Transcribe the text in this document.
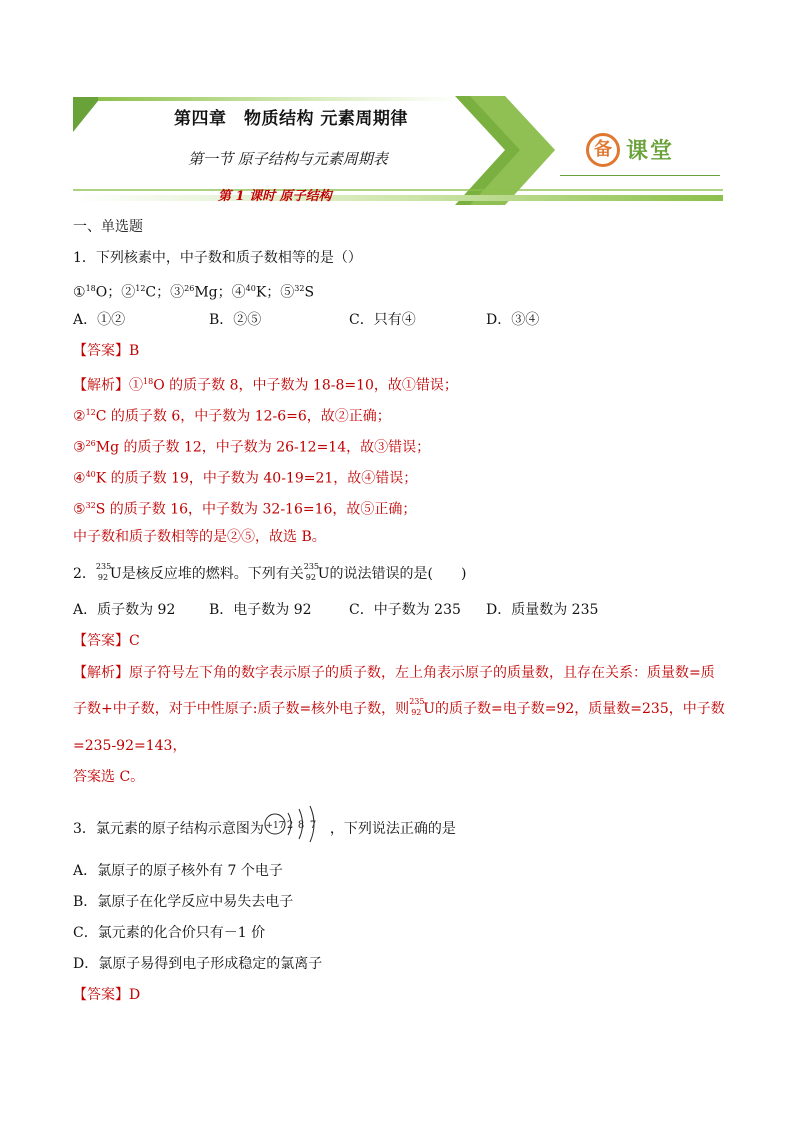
第四章　物质结构 元素周期律
第一节 原子结构与元素周期表
第 1 课时 原子结构
备 课堂
一、单选题
1．下列核素中，中子数和质子数相等的是（）
①$^{18}$O；②$^{12}$C；③$^{26}$Mg；④$^{40}$K；⑤$^{32}$S
A．①②	B．②⑤	C．只有④	D．③④
【答案】B
【解析】①$^{18}$O 的质子数 8，中子数为 18-8=10，故①错误；
②$^{12}$C 的质子数 6，中子数为 12-6=6，故②正确；
③$^{26}$Mg 的质子数 12，中子数为 26-12=14，故③错误；
④$^{40}$K 的质子数 19，中子数为 40-19=21，故④错误；
⑤$^{32}$S 的质子数 16，中子数为 32-16=16，故⑤正确；
中子数和质子数相等的是②⑤，故选 B。
2． 235
92 U是核反应堆的燃料。下列有关 235
92 U的说法错误的是(　　)
A．质子数为 92 B．电子数为 92	C．中子数为 235 D．质量数为 235
【答案】C
【解析】原子符号左下角的数字表示原子的质子数，左上角表示原子的质量数，且存在关系：质量数=质
子数+中子数，对于中性原子:质子数=核外电子数，则 235
92 U的质子数=电子数=92，质量数=235，中子数
=235-92=143，
答案选 C。
3．氯元素的原子结构示意图为	，下列说法正确的是
+17 2 8 7
A．氯原子的原子核外有 7 个电子
B．氯原子在化学反应中易失去电子
C．氯元素的化合价只有－1 价
D．氯原子易得到电子形成稳定的氯离子
【答案】D
